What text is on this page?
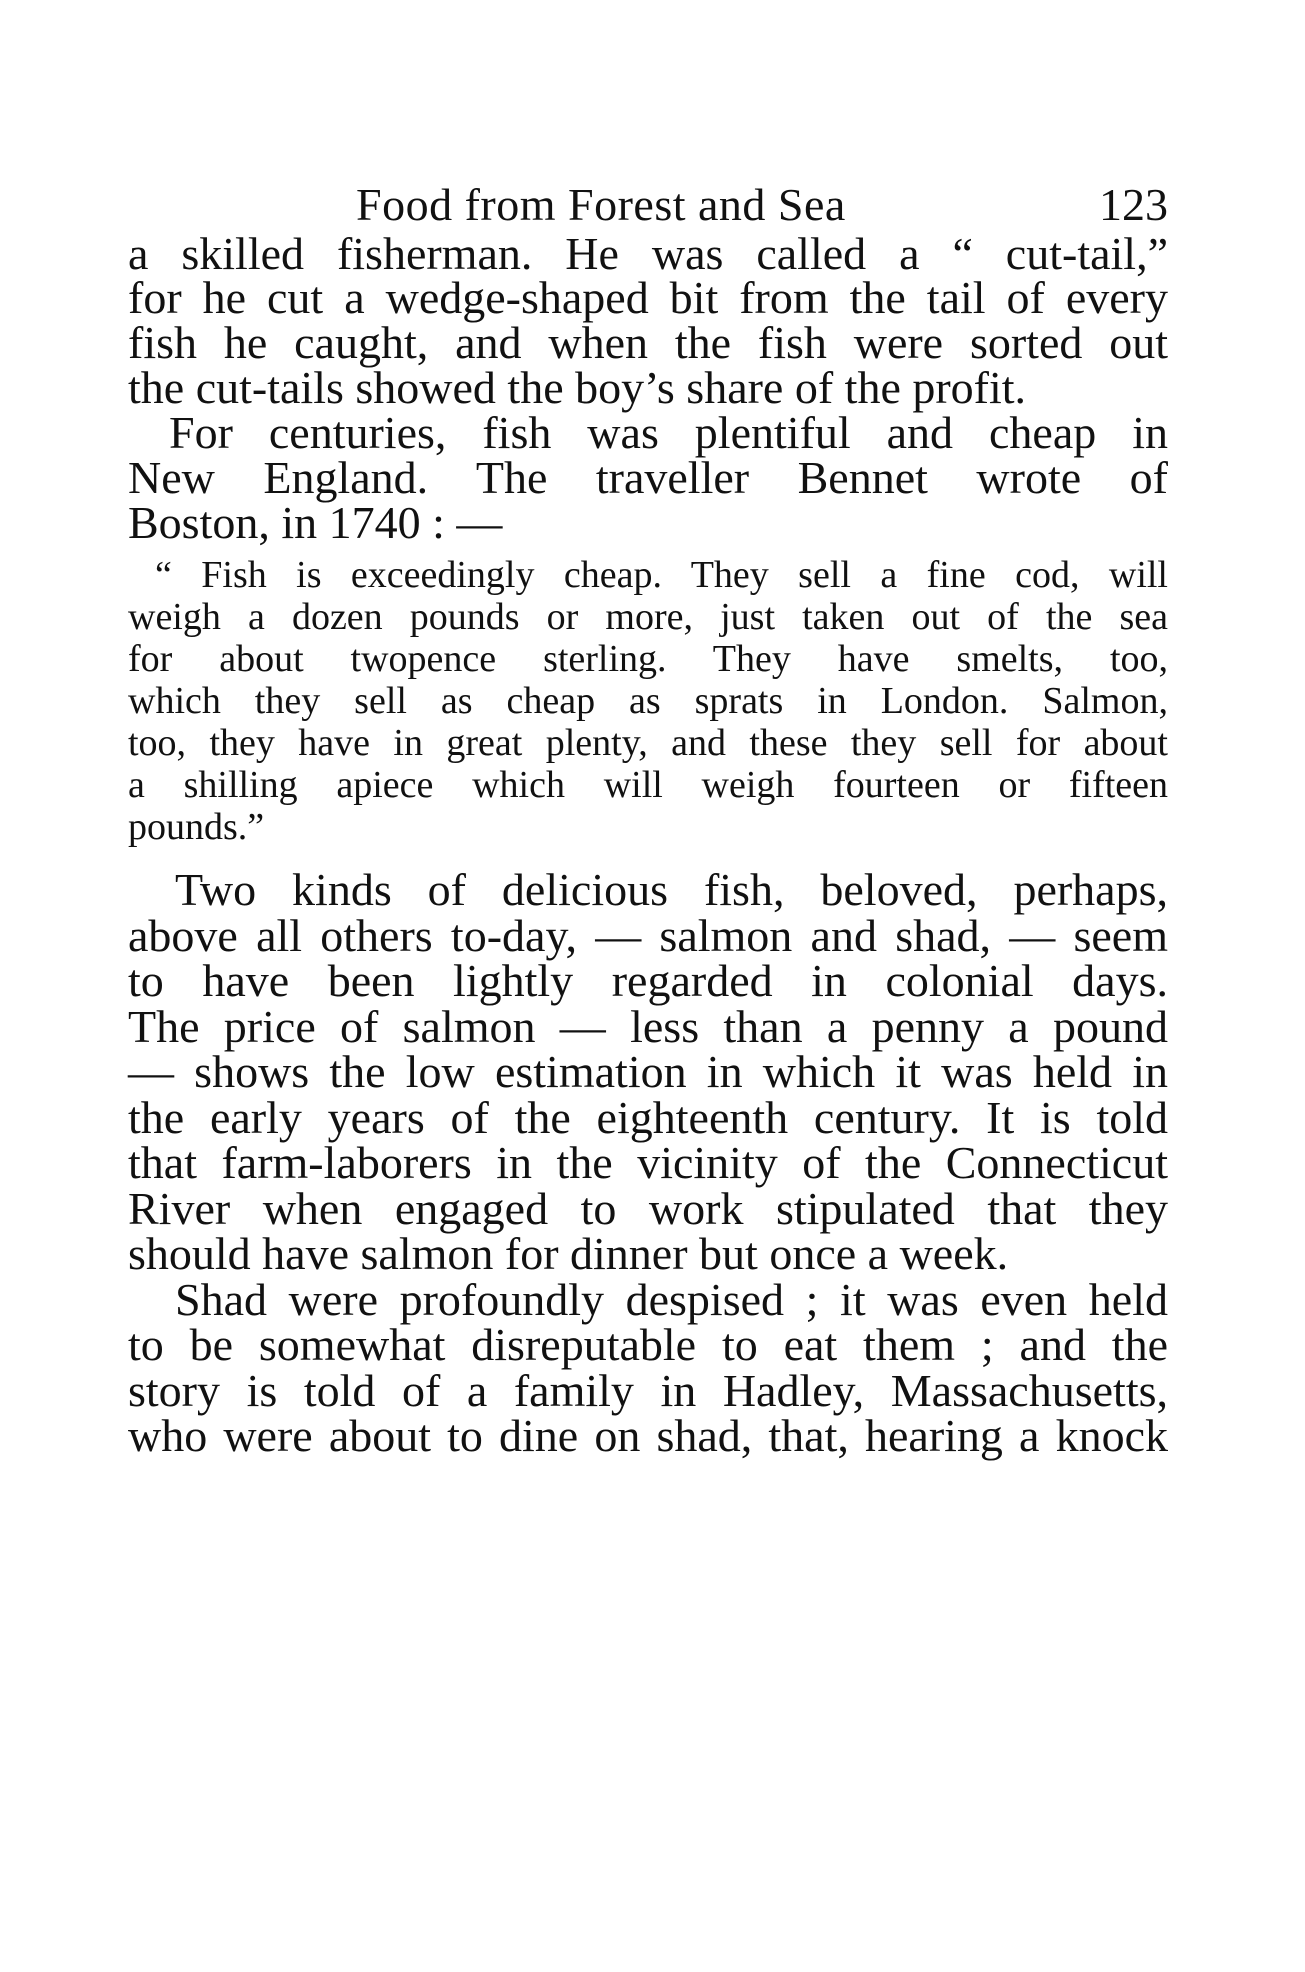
Food from Forest and Sea	123
a skilled fisherman. He was called a “ cut-tail,”
for he cut a wedge-shaped bit from the tail of every
fish he caught, and when the fish were sorted out
the cut-tails showed the boy’s share of the profit.
For centuries, fish was plentiful and cheap in
New England. The traveller Bennet wrote of
Boston, in 1740 : —
“ Fish is exceedingly cheap. They sell a fine cod, will
weigh a dozen pounds or more, just taken out of the sea
for about twopence sterling. They have smelts, too,
which they sell as cheap as sprats in London. Salmon,
too, they have in great plenty, and these they sell for about
a shilling apiece which will weigh fourteen or fifteen
pounds.”
Two kinds of delicious fish, beloved, perhaps,
above all others to-day, — salmon and shad, — seem
to have been lightly regarded in colonial days.
The price of salmon — less than a penny a pound
— shows the low estimation in which it was held in
the early years of the eighteenth century. It is told
that farm-laborers in the vicinity of the Connecticut
River when engaged to work stipulated that they
should have salmon for dinner but once a week.
Shad were profoundly despised ; it was even held
to be somewhat disreputable to eat them ; and the
story is told of a family in Hadley, Massachusetts,
who were about to dine on shad, that, hearing a knock
